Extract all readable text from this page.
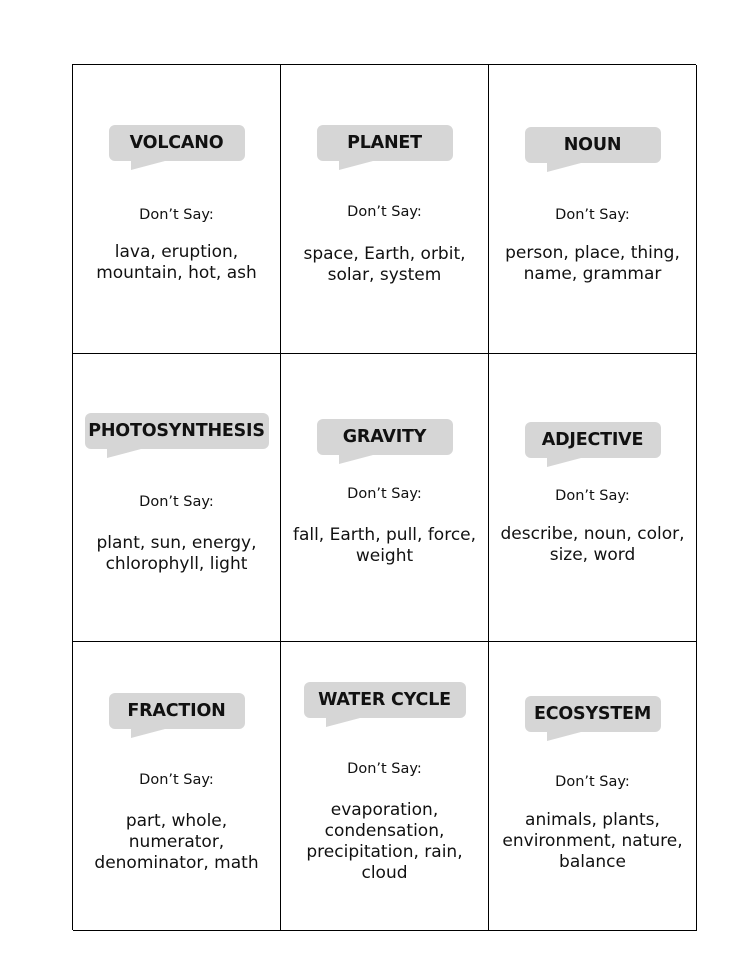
VOLCANO
Don’t Say:
lava, eruption, mountain, hot, ash
PLANET
Don’t Say:
space, Earth, orbit, solar, system
NOUN
Don’t Say:
person, place, thing, name, grammar
PHOTOSYNTHESIS
Don’t Say:
plant, sun, energy, chlorophyll, light
GRAVITY
Don’t Say:
fall, Earth, pull, force, weight
ADJECTIVE
Don’t Say:
describe, noun, color, size, word
FRACTION
Don’t Say:
part, whole, numerator, denominator, math
WATER CYCLE
Don’t Say:
evaporation, condensation, precipitation, rain, cloud
ECOSYSTEM
Don’t Say:
animals, plants, environment, nature, balance
